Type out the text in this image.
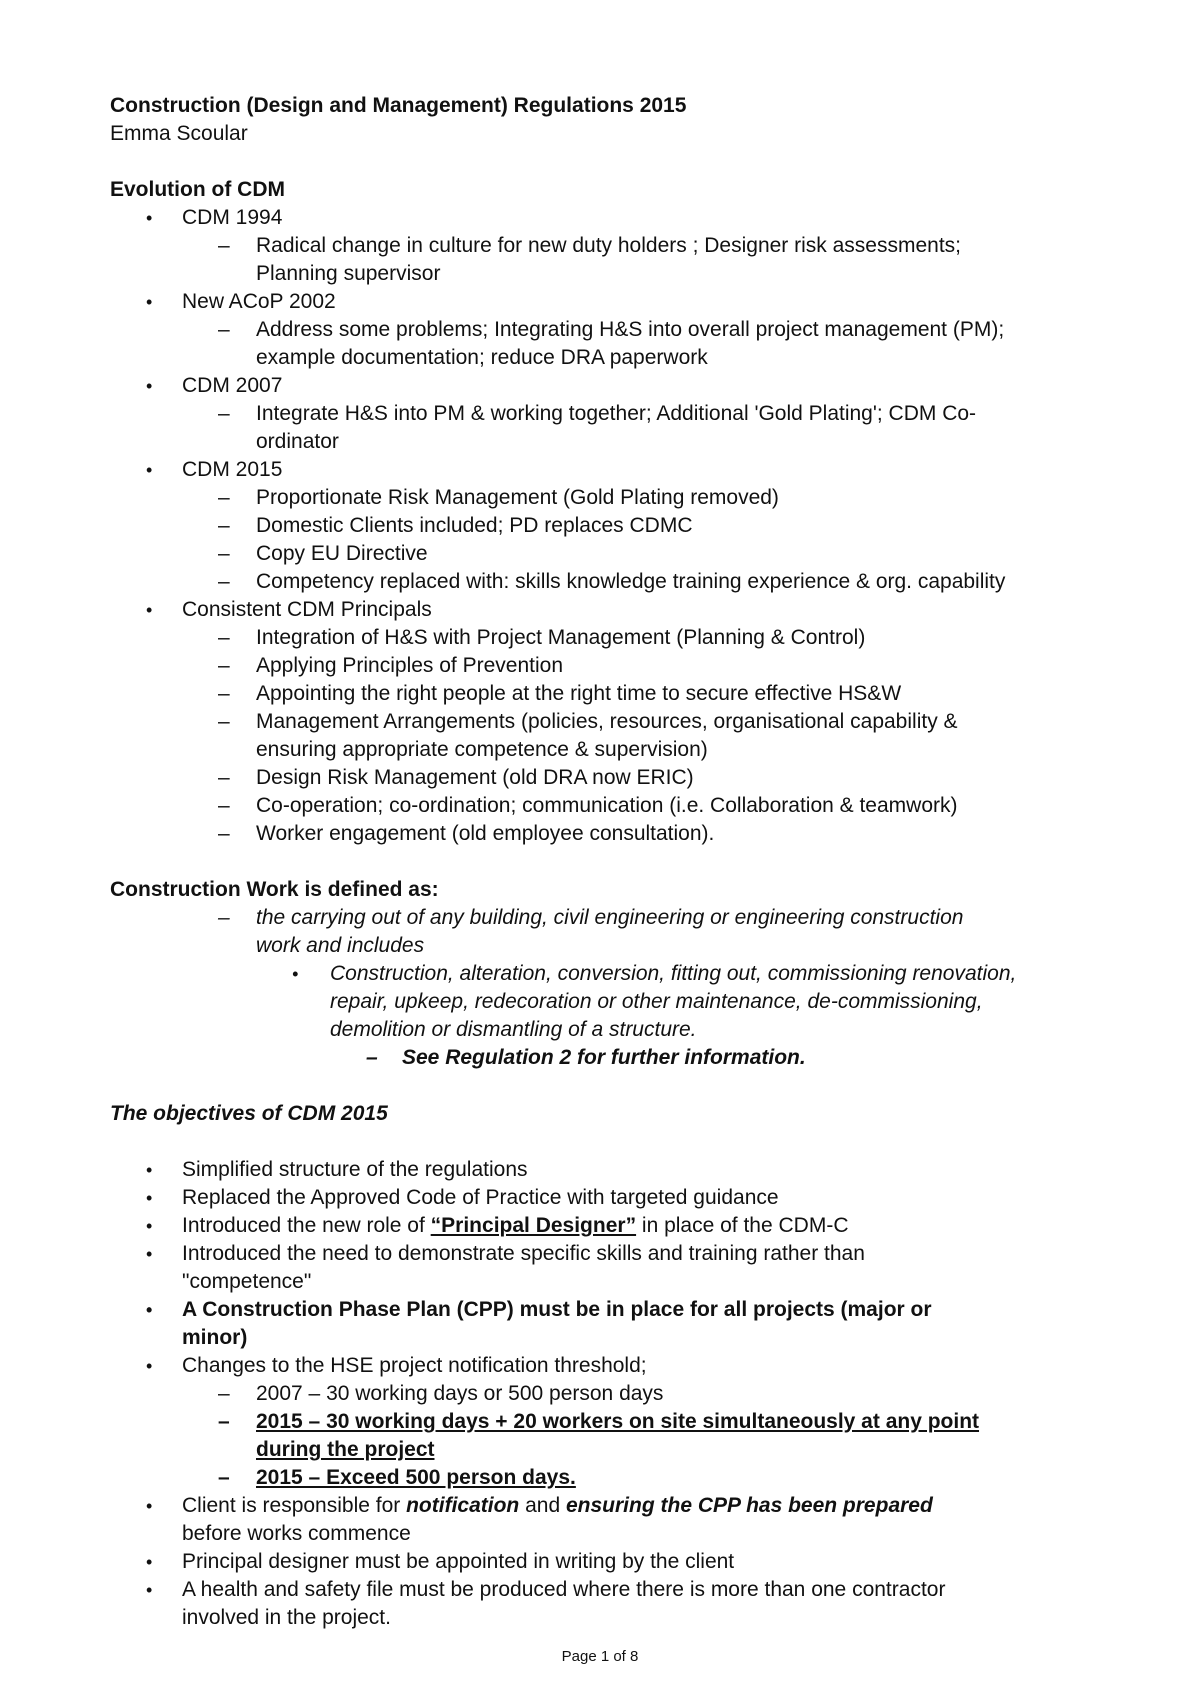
Construction (Design and Management) Regulations 2015
Emma Scoular
Evolution of CDM
• CDM 1994
– Radical change in culture for new duty holders ; Designer risk assessments;
Planning supervisor
• New ACoP 2002
– Address some problems; Integrating H&S into overall project management (PM);
example documentation; reduce DRA paperwork
• CDM 2007
– Integrate H&S into PM & working together; Additional 'Gold Plating'; CDM Co-
ordinator
• CDM 2015
– Proportionate Risk Management (Gold Plating removed)
– Domestic Clients included; PD replaces CDMC
– Copy EU Directive
– Competency replaced with: skills knowledge training experience & org. capability
• Consistent CDM Principals
– Integration of H&S with Project Management (Planning & Control)
– Applying Principles of Prevention
– Appointing the right people at the right time to secure effective HS&W
– Management Arrangements (policies, resources, organisational capability &
ensuring appropriate competence & supervision)
– Design Risk Management (old DRA now ERIC)
– Co-operation; co-ordination; communication (i.e. Collaboration & teamwork)
– Worker engagement (old employee consultation).
Construction Work is defined as:
– the carrying out of any building, civil engineering or engineering construction
work and includes
• Construction, alteration, conversion, fitting out, commissioning renovation,
repair, upkeep, redecoration or other maintenance, de-commissioning,
demolition or dismantling of a structure.
– See Regulation 2 for further information.
The objectives of CDM 2015
• Simplified structure of the regulations
• Replaced the Approved Code of Practice with targeted guidance
• Introduced the new role of “Principal Designer” in place of the CDM-C
• Introduced the need to demonstrate specific skills and training rather than
"competence"
• A Construction Phase Plan (CPP) must be in place for all projects (major or
minor)
• Changes to the HSE project notification threshold;
– 2007 – 30 working days or 500 person days
– 2015 – 30 working days + 20 workers on site simultaneously at any point
during the project
– 2015 – Exceed 500 person days.
• Client is responsible for notification and ensuring the CPP has been prepared
before works commence
• Principal designer must be appointed in writing by the client
• A health and safety file must be produced where there is more than one contractor
involved in the project.
Page 1 of 8
